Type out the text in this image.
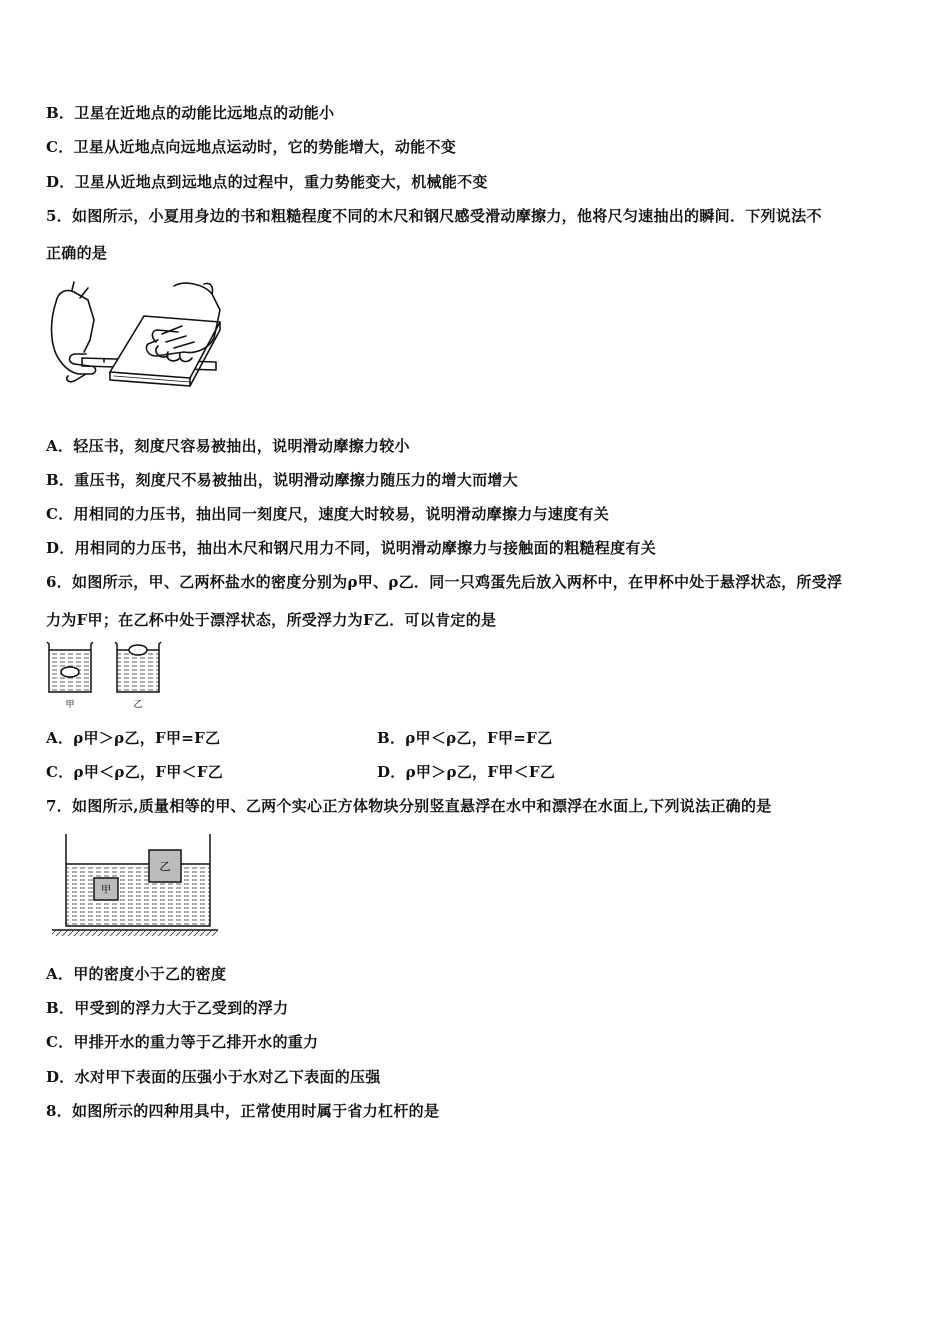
B．卫星在近地点的动能比远地点的动能小
C．卫星从近地点向远地点运动时，它的势能增大，动能不变
D．卫星从近地点到远地点的过程中，重力势能变大，机械能不变
5．如图所示，小夏用身边的书和粗糙程度不同的木尺和钢尺感受滑动摩擦力，他将尺匀速抽出的瞬间．下列说法不
正确的是
A．轻压书，刻度尺容易被抽出，说明滑动摩擦力较小
B．重压书，刻度尺不易被抽出，说明滑动摩擦力随压力的增大而增大
C．用相同的力压书，抽出同一刻度尺，速度大时较易，说明滑动摩擦力与速度有关
D．用相同的力压书，抽出木尺和钢尺用力不同，说明滑动摩擦力与接触面的粗糙程度有关
6．如图所示，甲、乙两杯盐水的密度分别为ρ甲、ρ乙．同一只鸡蛋先后放入两杯中，在甲杯中处于悬浮状态，所受浮
力为F甲；在乙杯中处于漂浮状态，所受浮力为F乙．可以肯定的是
甲	乙
A．ρ甲＞ρ乙，F甲=F乙	B．ρ甲＜ρ乙，F甲=F乙
C．ρ甲＜ρ乙，F甲＜F乙	D．ρ甲＞ρ乙，F甲＜F乙
7．如图所示,质量相等的甲、乙两个实心正方体物块分别竖直悬浮在水中和漂浮在水面上,下列说法正确的是
甲
乙
A．甲的密度小于乙的密度
B．甲受到的浮力大于乙受到的浮力
C．甲排开水的重力等于乙排开水的重力
D．水对甲下表面的压强小于水对乙下表面的压强
8．如图所示的四种用具中，正常使用时属于省力杠杆的是
